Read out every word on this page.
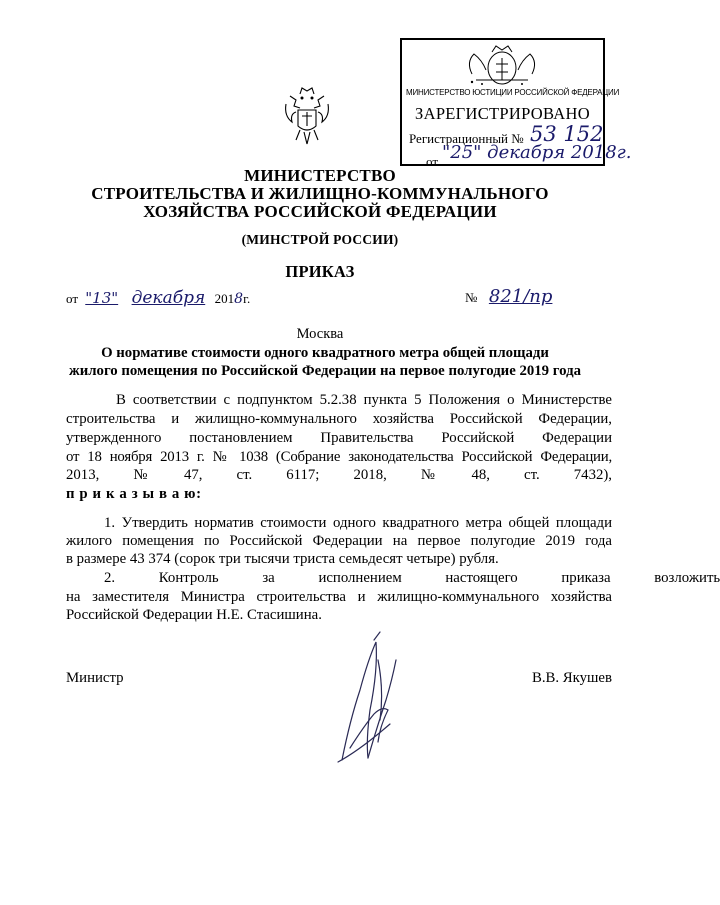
МИНИСТЕРСТВО ЮСТИЦИИ РОССИЙСКОЙ ФЕДЕРАЦИИ
ЗАРЕГИСТРИРОВАНО
Регистрационный № 53 152
от "25" декабря 2018г.
МИНИСТЕРСТВО
СТРОИТЕЛЬСТВА И ЖИЛИЩНО-КОММУНАЛЬНОГО
ХОЗЯЙСТВА РОССИЙСКОЙ ФЕДЕРАЦИИ
(МИНСТРОЙ РОССИИ)
ПРИКАЗ
от "13" декабря 2018г.	№ 821/пр
Москва
О нормативе стоимости одного квадратного метра общей площади
жилого помещения по Российской Федерации на первое полугодие 2019 года
В соответствии с подпунктом 5.2.38 пункта 5 Положения о Министерстве
строительства и жилищно-коммунального хозяйства Российской Федерации,
утвержденного постановлением Правительства Российской Федерации
от 18 ноября 2013 г. № 1038 (Собрание законодательства Российской Федерации,
2013, № 47, ст. 6117; 2018, № 48, ст. 7432),
п р и к а з ы в а ю:
1. Утвердить норматив стоимости одного квадратного метра общей площади
жилого помещения по Российской Федерации на первое полугодие 2019 года
в размере 43 374 (сорок три тысячи триста семьдесят четыре) рубля.
2. Контроль за исполнением настоящего приказа возложить
на заместителя Министра строительства и жилищно-коммунального хозяйства
Российской Федерации Н.Е. Стасишина.
Министр	В.В. Якушев
